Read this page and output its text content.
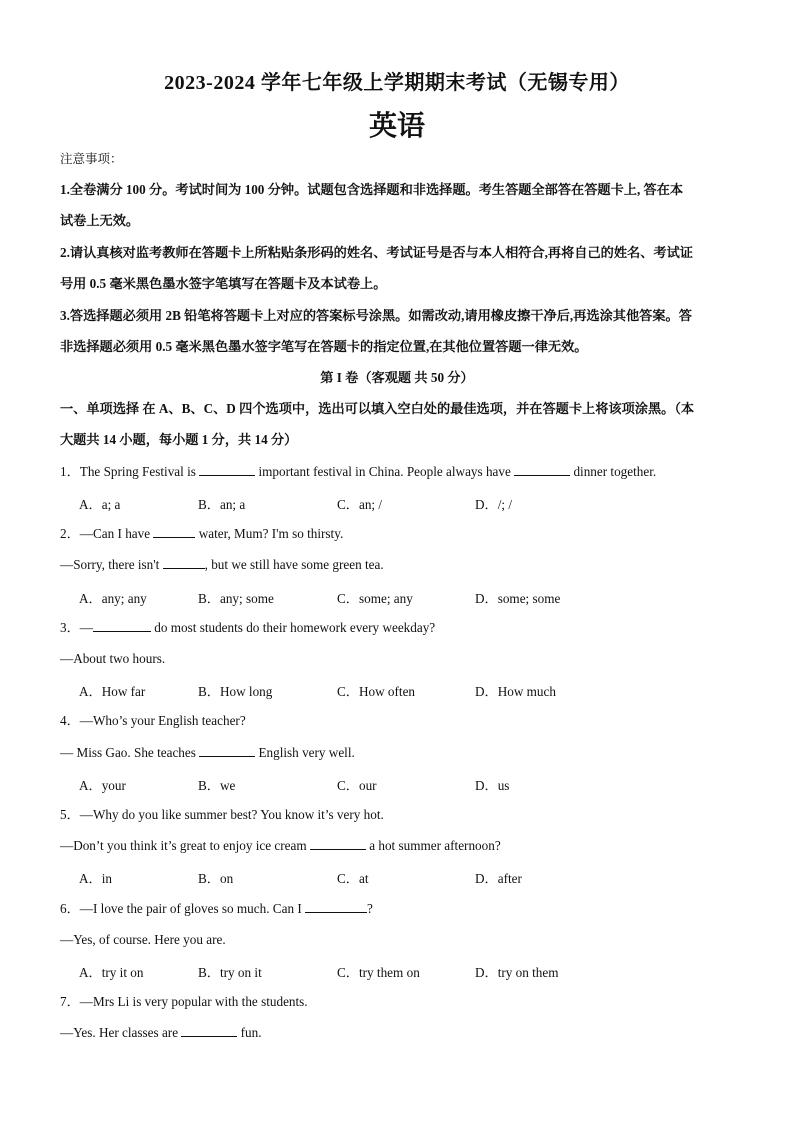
2023-2024 学年七年级上学期期末考试（无锡专用）
英语
注意事项：
1.全卷满分 100 分。考试时间为 100 分钟。试题包含选择题和非选择题。考生答题全部答在答题卡上, 答在本
试卷上无效。
2.请认真核对监考教师在答题卡上所粘贴条形码的姓名、考试证号是否与本人相符合,再将自己的姓名、考试证
号用 0.5 毫米黑色墨水签字笔填写在答题卡及本试卷上。
3.答选择题必须用 2B 铅笔将答题卡上对应的答案标号涂黑。如需改动,请用橡皮擦干净后,再选涂其他答案。答
非选择题必须用 0.5 毫米黑色墨水签字笔写在答题卡的指定位置,在其他位置答题一律无效。
第 I 卷（客观题 共 50 分）
一、单项选择 在 A、B、C、D 四个选项中，选出可以填入空白处的最佳选项，并在答题卡上将该项涂黑。（本
大题共 14 小题，每小题 1 分，共 14 分）
1．The Spring Festival is	important festival in China. People always have	dinner together.
A．a; a	B．an; a	C．an; /	D．/; /
2．—Can I have	water, Mum? I'm so thirsty.
—Sorry, there isn't	, but we still have some green tea.
A．any; any	B．any; some	C．some; any	D．some; some
3．—	do most students do their homework every weekday?
—About two hours.
A．How far	B．How long	C．How often	D．How much
4．—Who’s your English teacher?
— Miss Gao. She teaches	English very well.
A．your	B．we	C．our	D．us
5．—Why do you like summer best? You know it’s very hot.
—Don’t you think it’s great to enjoy ice cream	a hot summer afternoon?
A．in	B．on	C．at	D．after
6．—I love the pair of gloves so much. Can I	?
—Yes, of course. Here you are.
A．try it on	B．try on it	C．try them on	D．try on them
7．—Mrs Li is very popular with the students.
—Yes. Her classes are	fun.
